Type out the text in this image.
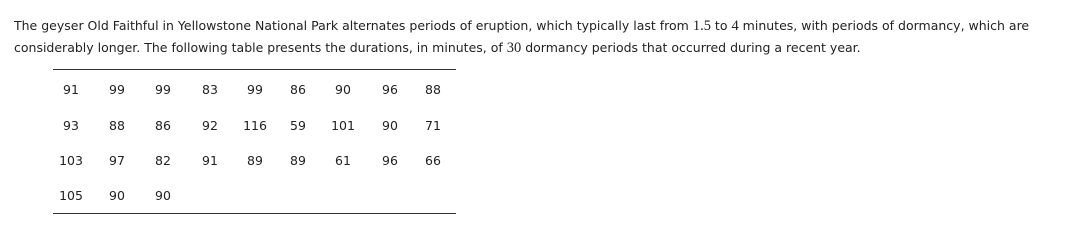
The geyser Old Faithful in Yellowstone National Park alternates periods of eruption, which typically last from 1.5 to 4 minutes, with periods of dormancy, which are considerably longer. The following table presents the durations, in minutes, of 30 dormancy periods that occurred during a recent year.

91	99	99	83	99	86	90	96	88
93	88	86	92	116	59	101	90	71
103	97	82	91	89	89	61	96	66
105	90	90
